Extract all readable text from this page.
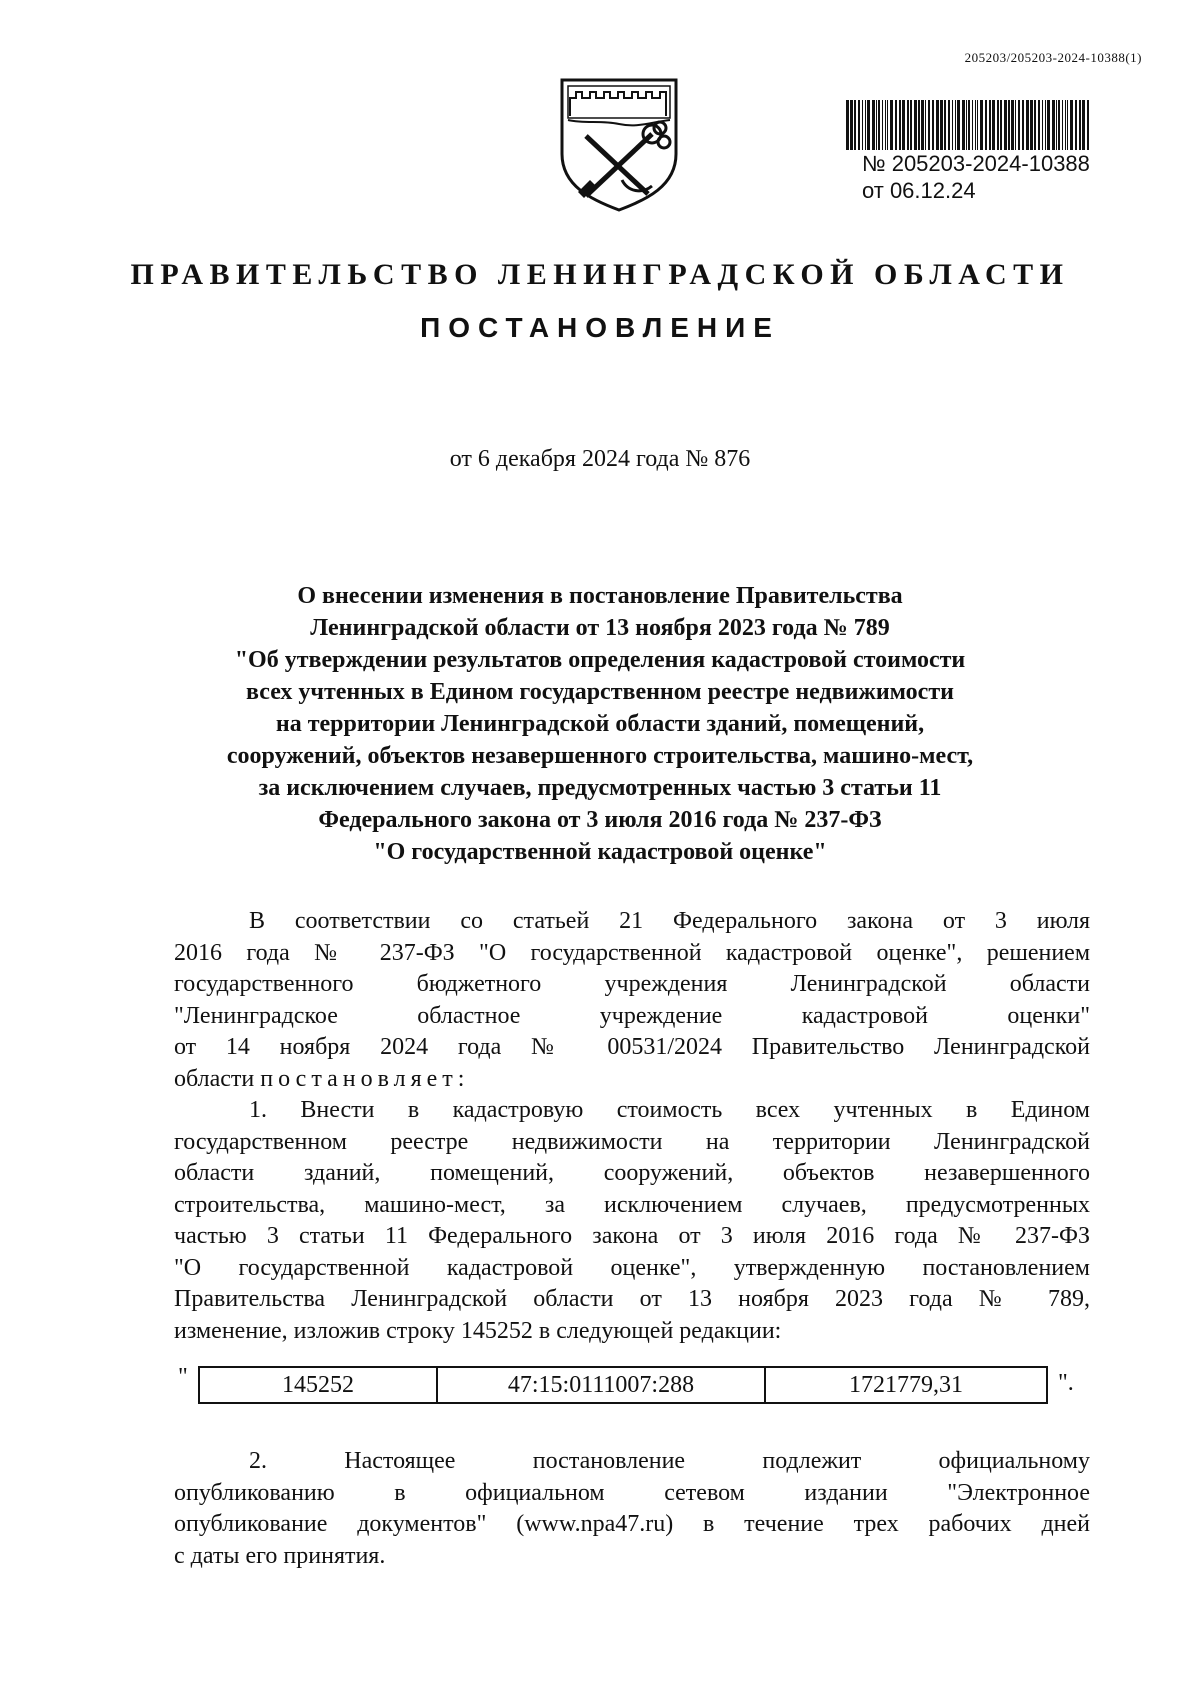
205203/205203-2024-10388(1)
№ 205203-2024-10388
от 06.12.24
ПРАВИТЕЛЬСТВО ЛЕНИНГРАДСКОЙ ОБЛАСТИ
ПОСТАНОВЛЕНИЕ
от 6 декабря 2024 года № 876
О внесении изменения в постановление Правительства
Ленинградской области от 13 ноября 2023 года № 789
"Об утверждении результатов определения кадастровой стоимости
всех учтенных в Едином государственном реестре недвижимости
на территории Ленинградской области зданий, помещений,
сооружений, объектов незавершенного строительства, машино-мест,
за исключением случаев, предусмотренных частью 3 статьи 11
Федерального закона от 3 июля 2016 года № 237-ФЗ
"О государственной кадастровой оценке"
В соответствии со статьей 21 Федерального закона от 3 июля
2016 года № 237-ФЗ "О государственной кадастровой оценке", решением
государственного бюджетного учреждения Ленинградской области
"Ленинградское областное учреждение кадастровой оценки"
от 14 ноября 2024 года № 00531/2024 Правительство Ленинградской
области постановляет:
1. Внести в кадастровую стоимость всех учтенных в Едином
государственном реестре недвижимости на территории Ленинградской
области зданий, помещений, сооружений, объектов незавершенного
строительства, машино-мест, за исключением случаев, предусмотренных
частью 3 статьи 11 Федерального закона от 3 июля 2016 года № 237-ФЗ
"О государственной кадастровой оценке", утвержденную постановлением
Правительства Ленинградской области от 13 ноября 2023 года № 789,
изменение, изложив строку 145252 в следующей редакции:
"	145252	47:15:0111007:288	1721779,31	".
2. Настоящее постановление подлежит официальному
опубликованию в официальном сетевом издании "Электронное
опубликование документов" (www.npa47.ru) в течение трех рабочих дней
с даты его принятия.
